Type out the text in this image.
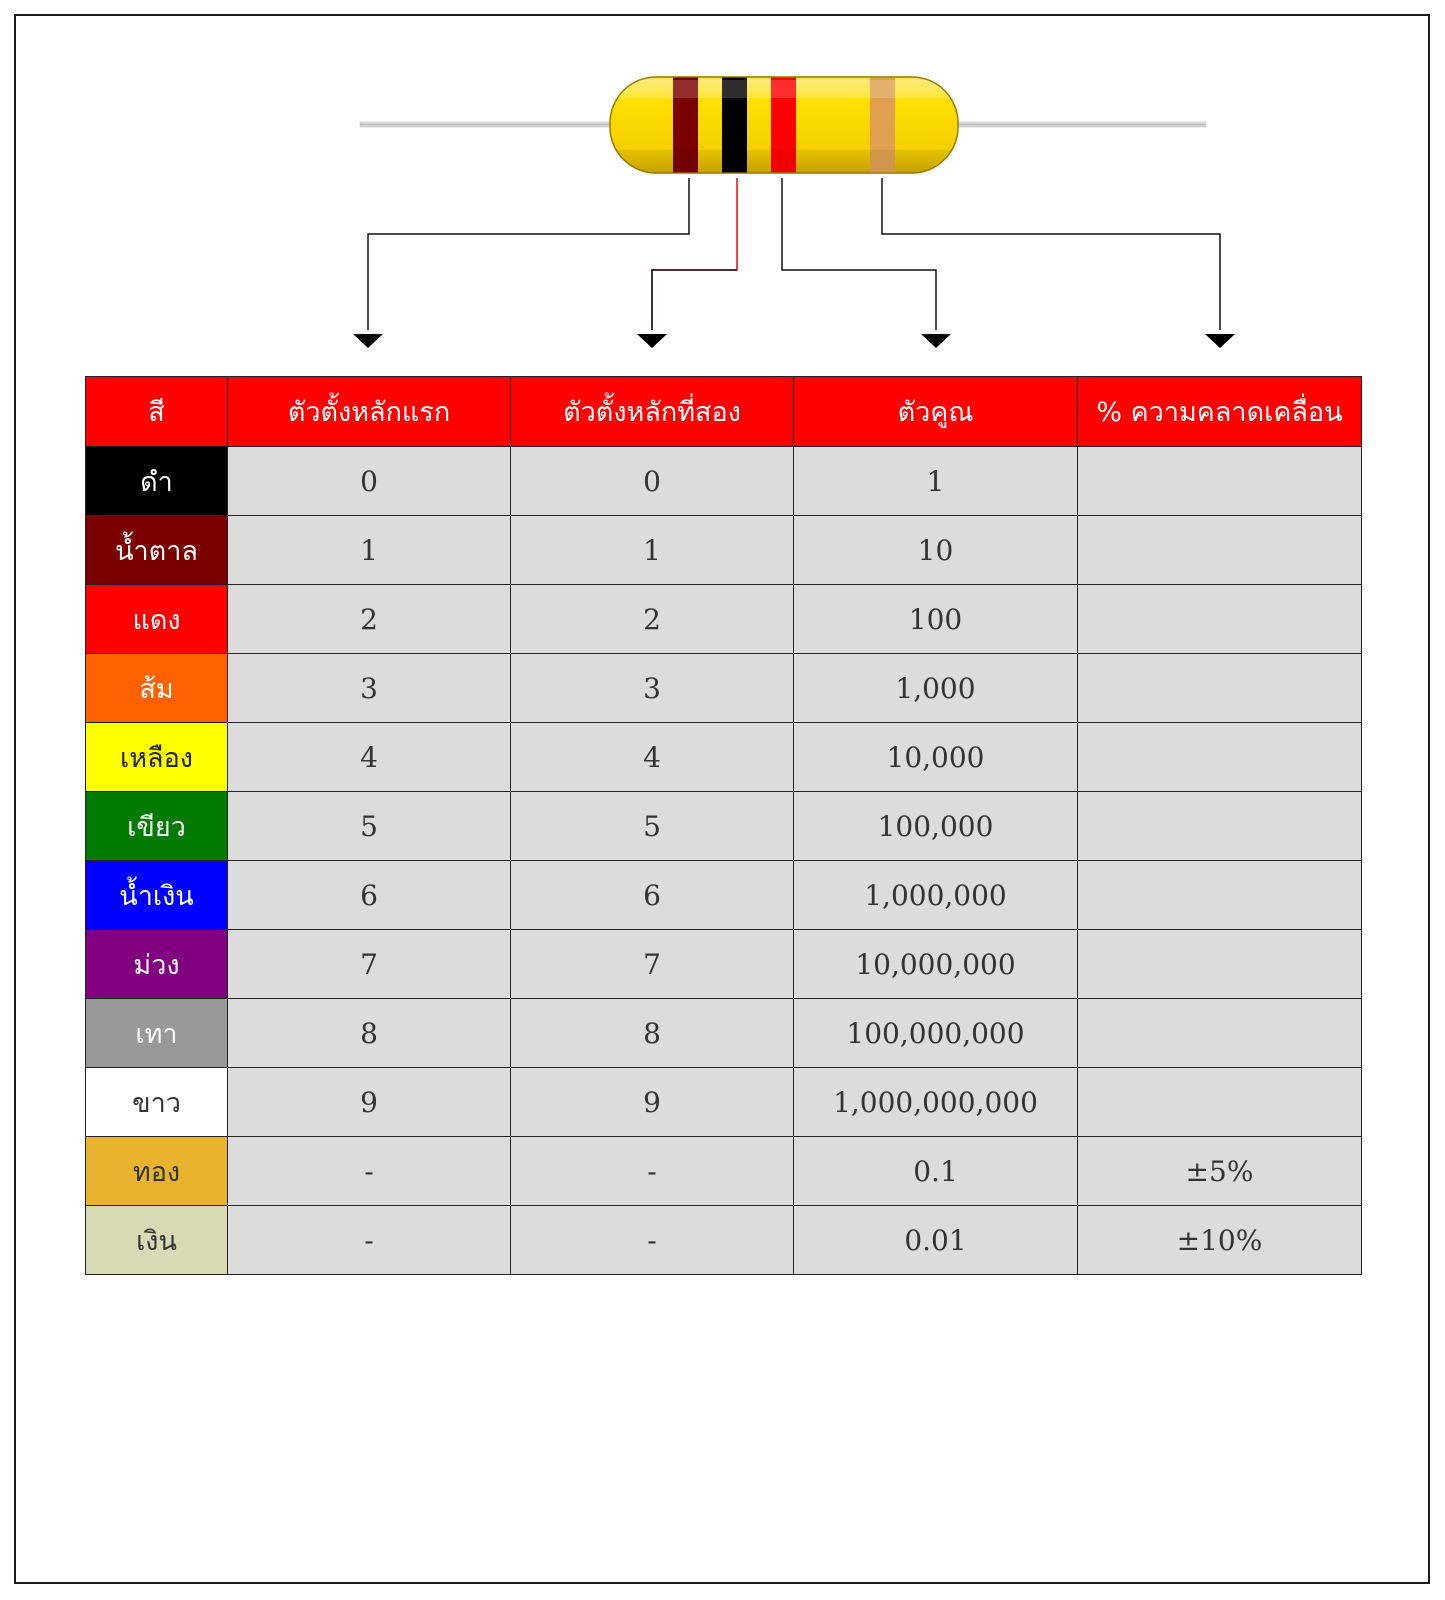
สี	ตัวตั้งหลักแรก	ตัวตั้งหลักที่สอง	ตัวคูณ	% ความคลาดเคลื่อน
ดำ	0	0	1	
น้ำตาล	1	1	10	
แดง	2	2	100	
ส้ม	3	3	1,000	
เหลือง	4	4	10,000	
เขียว	5	5	100,000	
น้ำเงิน	6	6	1,000,000	
ม่วง	7	7	10,000,000	
เทา	8	8	100,000,000	
ขาว	9	9	1,000,000,000	
ทอง	-	-	0.1	±5%
เงิน	-	-	0.01	±10%
